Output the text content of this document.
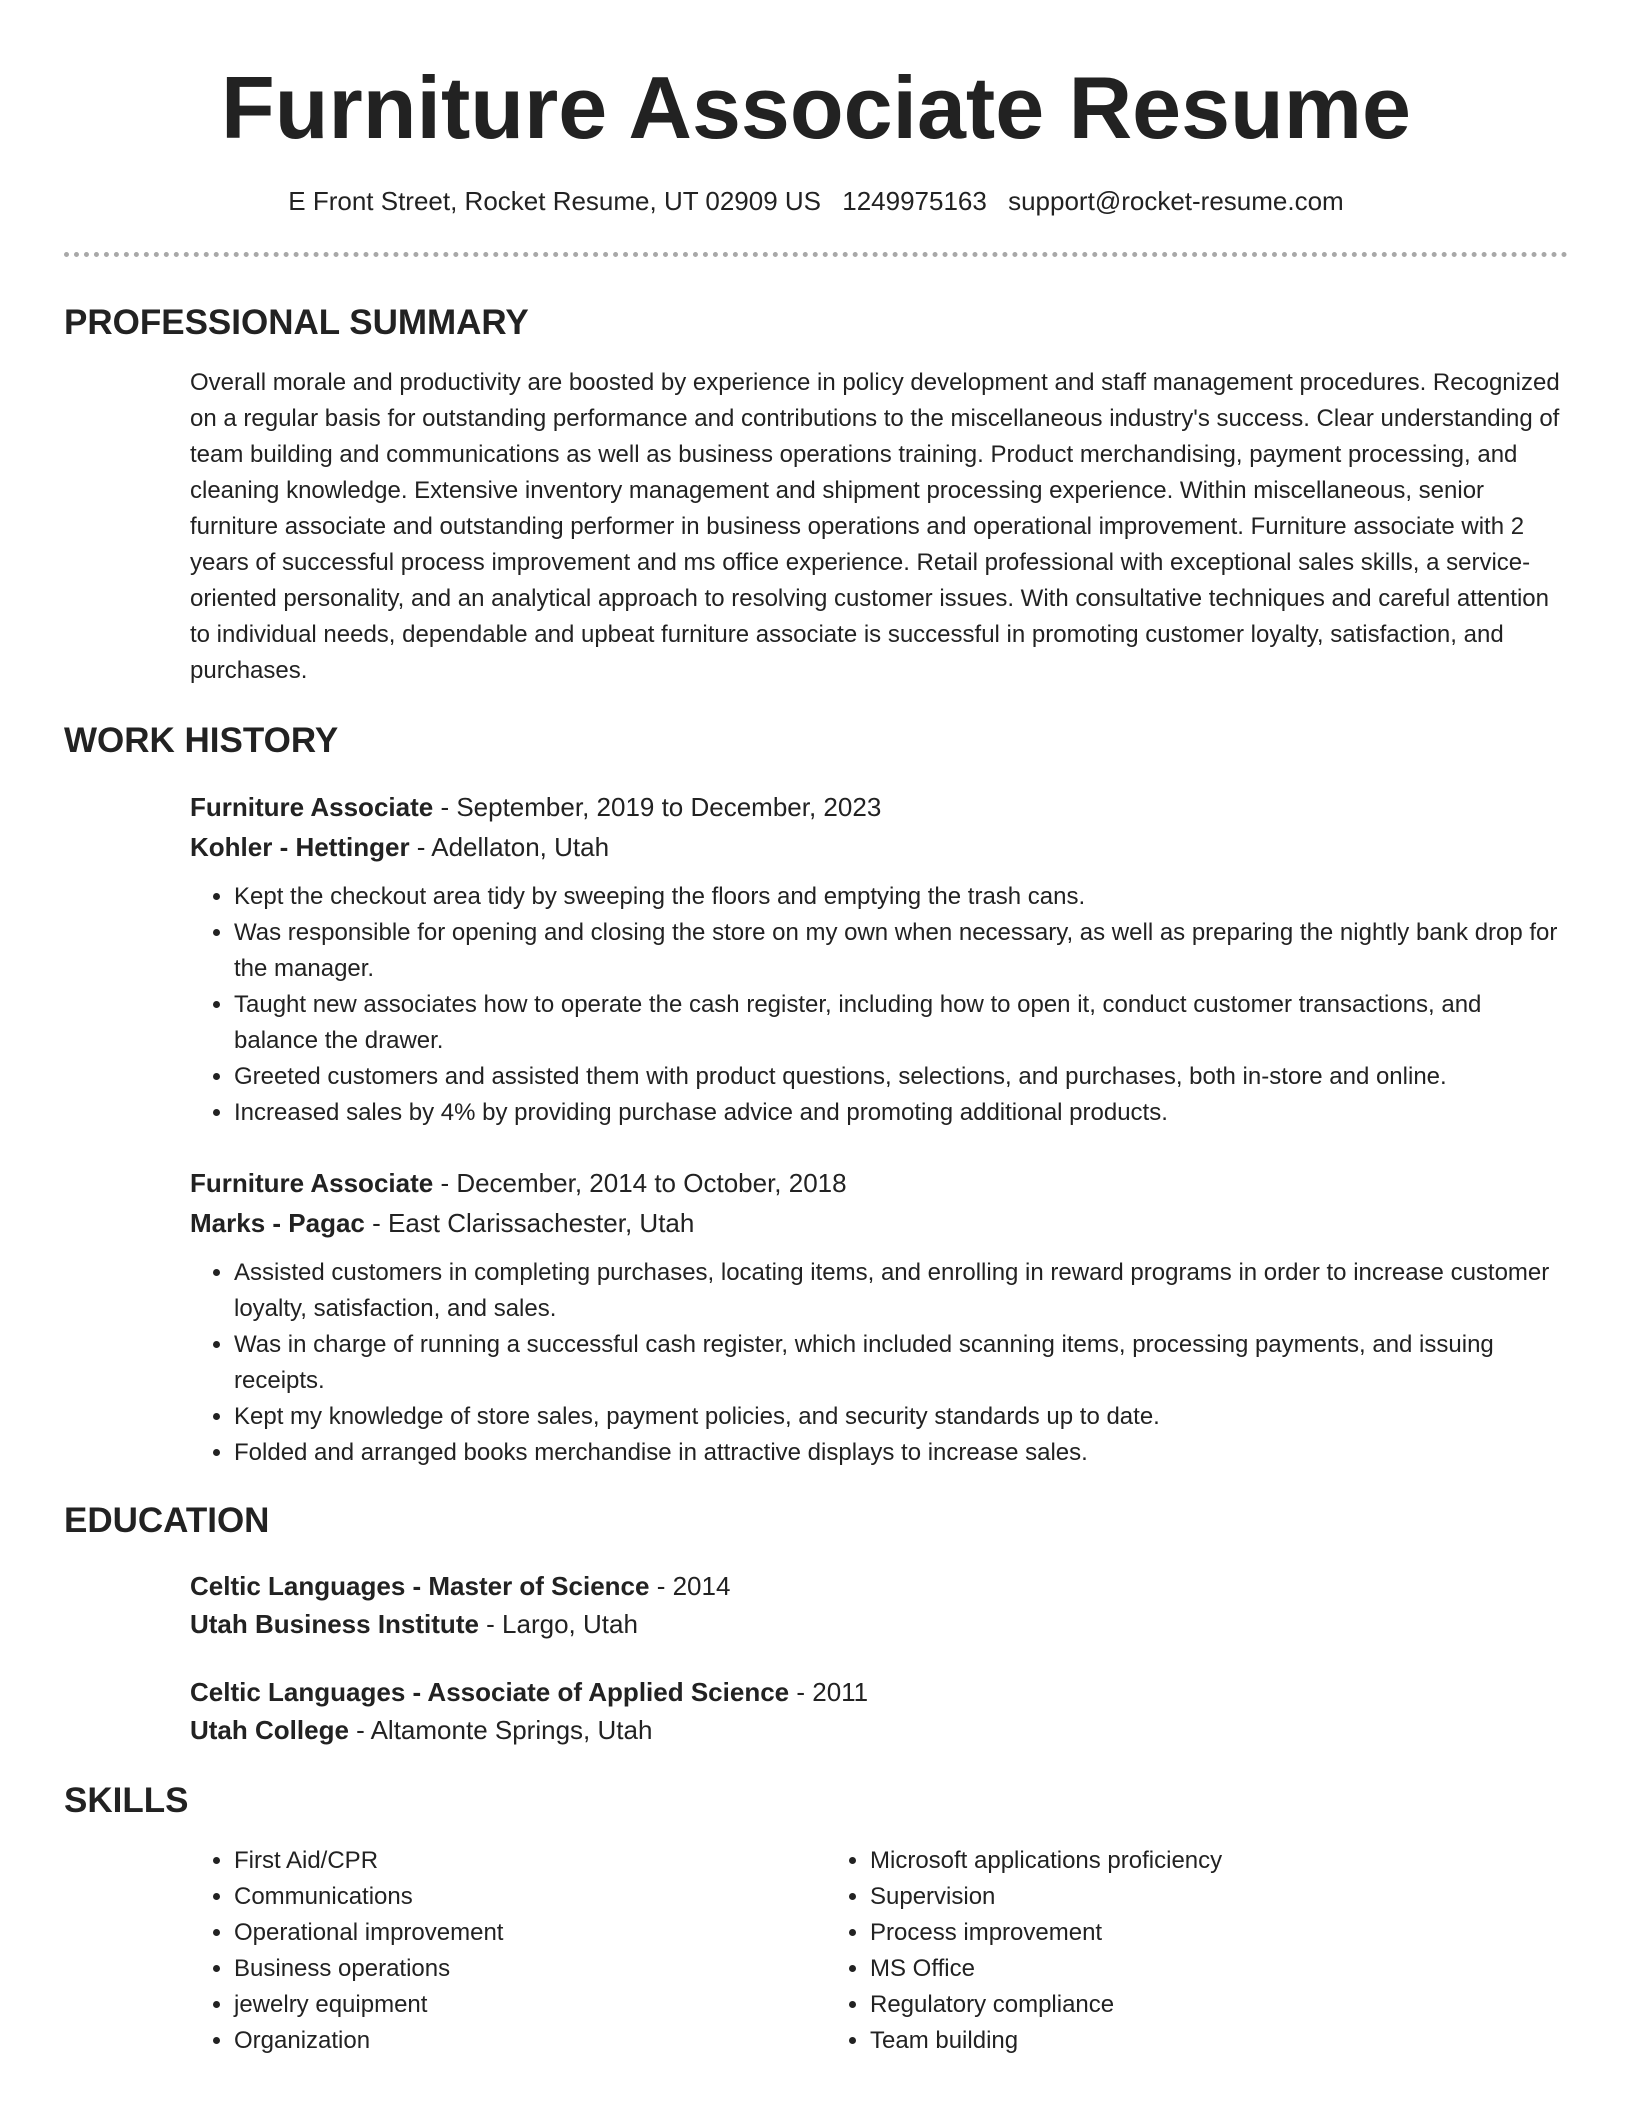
Furniture Associate Resume
E Front Street, Rocket Resume, UT 02909 US 1249975163 support@rocket-resume.com
PROFESSIONAL SUMMARY
Overall morale and productivity are boosted by experience in policy development and staff management procedures. Recognized on a regular basis for outstanding performance and contributions to the miscellaneous industry's success. Clear understanding of team building and communications as well as business operations training. Product merchandising, payment processing, and cleaning knowledge. Extensive inventory management and shipment processing experience. Within miscellaneous, senior furniture associate and outstanding performer in business operations and operational improvement. Furniture associate with 2 years of successful process improvement and ms office experience. Retail professional with exceptional sales skills, a service-oriented personality, and an analytical approach to resolving customer issues. With consultative techniques and careful attention to individual needs, dependable and upbeat furniture associate is successful in promoting customer loyalty, satisfaction, and purchases.
WORK HISTORY
Furniture Associate - September, 2019 to December, 2023
Kohler - Hettinger - Adellaton, Utah
• Kept the checkout area tidy by sweeping the floors and emptying the trash cans.
• Was responsible for opening and closing the store on my own when necessary, as well as preparing the nightly bank drop for the manager.
• Taught new associates how to operate the cash register, including how to open it, conduct customer transactions, and balance the drawer.
• Greeted customers and assisted them with product questions, selections, and purchases, both in-store and online.
• Increased sales by 4% by providing purchase advice and promoting additional products.
Furniture Associate - December, 2014 to October, 2018
Marks - Pagac - East Clarissachester, Utah
• Assisted customers in completing purchases, locating items, and enrolling in reward programs in order to increase customer loyalty, satisfaction, and sales.
• Was in charge of running a successful cash register, which included scanning items, processing payments, and issuing receipts.
• Kept my knowledge of store sales, payment policies, and security standards up to date.
• Folded and arranged books merchandise in attractive displays to increase sales.
EDUCATION
Celtic Languages - Master of Science - 2014
Utah Business Institute - Largo, Utah
Celtic Languages - Associate of Applied Science - 2011
Utah College - Altamonte Springs, Utah
SKILLS
• First Aid/CPR
• Communications
• Operational improvement
• Business operations
• jewelry equipment
• Organization
• Microsoft applications proficiency
• Supervision
• Process improvement
• MS Office
• Regulatory compliance
• Team building
